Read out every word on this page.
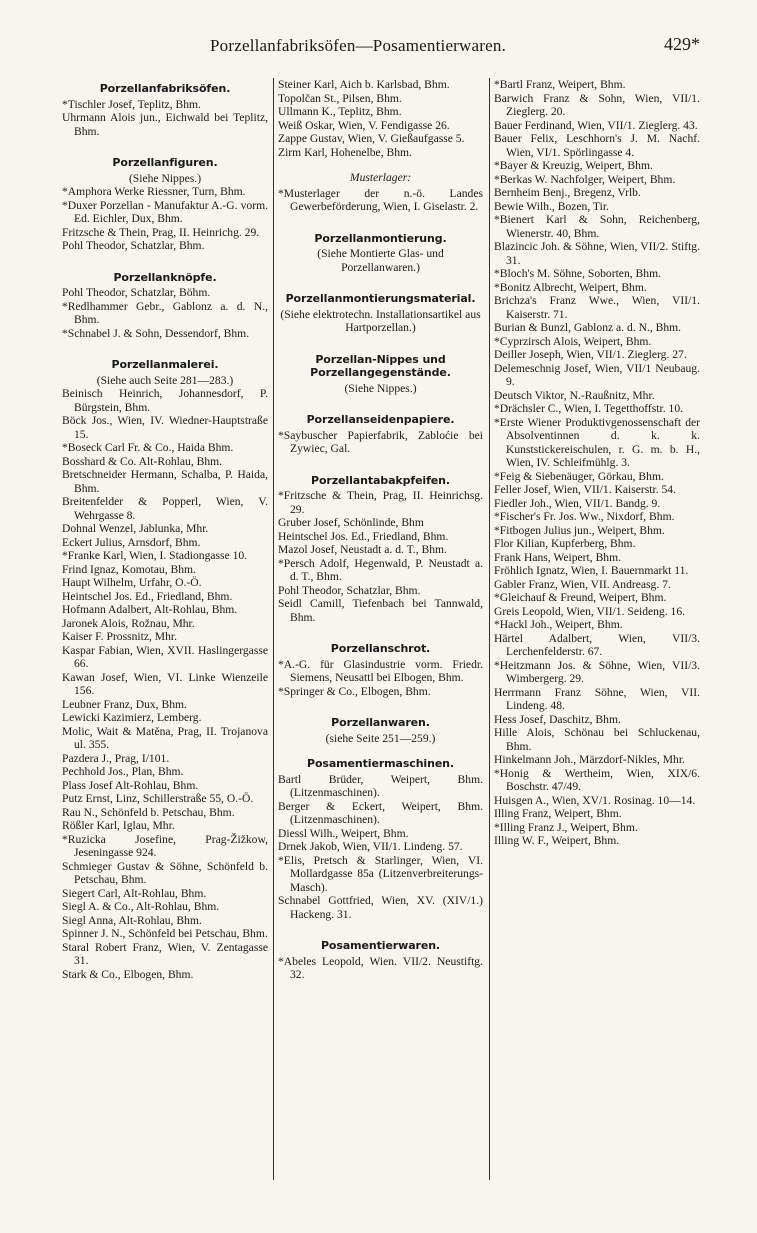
Porzellanfabriksöfen—Posamentierwaren.	429*
Porzellanfabriksöfen.

*Tischler Josef, Teplitz, Bhm.

Uhrmann Alois jun., Eichwald bei Teplitz, Bhm.

Porzellanfiguren.

(Siehe Nippes.)

*Amphora Werke Riessner, Turn, Bhm.

*Duxer Porzellan - Manufaktur A.-G. vorm. Ed. Eichler, Dux, Bhm.

Fritzsche & Thein, Prag, II. Heinrichg. 29.

Pohl Theodor, Schatzlar, Bhm.

Porzellanknöpfe.

Pohl Theodor, Schatzlar, Böhm.

*Redlhammer Gebr., Gablonz a. d. N., Bhm.

*Schnabel J. & Sohn, Dessendorf, Bhm.

Porzellanmalerei.

(Siehe auch Seite 281—283.)

Beinisch Heinrich, Johannesdorf, P. Bürgstein, Bhm.

Böck Jos., Wien, IV. Wiedner-Hauptstraße 15.

*Boseck Carl Fr. & Co., Haida Bhm.

Bosshard & Co. Alt-Rohlau, Bhm.

Bretschneider Hermann, Schalba, P. Haida, Bhm.

Breitenfelder & Popperl, Wien, V. Wehrgasse 8.

Dohnal Wenzel, Jablunka, Mhr.

Eckert Julius, Arnsdorf, Bhm.

*Franke Karl, Wien, I. Stadiongasse 10.

Frind Ignaz, Komotau, Bhm.

Haupt Wilhelm, Urfahr, O.-Ö.

Heintschel Jos. Ed., Friedland, Bhm.

Hofmann Adalbert, Alt-Rohlau, Bhm.

Jaronek Alois, Rožnau, Mhr.

Kaiser F. Prossnitz, Mhr.

Kaspar Fabian, Wien, XVII. Haslingergasse 66.

Kawan Josef, Wien, VI. Linke Wienzeile 156.

Leubner Franz, Dux, Bhm.

Lewicki Kazimierz, Lemberg.

Molic, Wait & Matěna, Prag, II. Trojanova ul. 355.

Pazdera J., Prag, I/101.

Pechhold Jos., Plan, Bhm.

Plass Josef Alt-Rohlau, Bhm.

Putz Ernst, Linz, Schillerstraße 55, O.-Ö.

Rau N., Schönfeld b. Petschau, Bhm.

Rößler Karl, Iglau, Mhr.

*Ruzicka Josefine, Prag-Žižkow, Jeseningasse 924.

Schmieger Gustav & Söhne, Schönfeld b. Petschau, Bhm.

Siegert Carl, Alt-Rohlau, Bhm.

Siegl A. & Co., Alt-Rohlau, Bhm.

Siegl Anna, Alt-Rohlau, Bhm.

Spinner J. N., Schönfeld bei Petschau, Bhm.

Staral Robert Franz, Wien, V. Zentagasse 31.

Stark & Co., Elbogen, Bhm.

Steiner Karl, Aich b. Karlsbad, Bhm.

Topolčan St., Pilsen, Bhm.

Ullmann K., Teplitz, Bhm.

Weiß Oskar, Wien, V. Fendigasse 26.

Zappe Gustav, Wien, V. Gießaufgasse 5.

Zirm Karl, Hohenelbe, Bhm.

Musterlager:

*Musterlager der n.-ö. Landes Gewerbeförderung, Wien, I. Giselastr. 2.

Porzellanmontierung.

(Siehe Montierte Glas- und Porzellanwaren.)

Porzellanmontierungsmaterial.

(Siehe elektrotechn. Installationsartikel aus Hartporzellan.)

Porzellan-Nippes und Porzellangegenstände.

(Siehe Nippes.)

Porzellanseidenpapiere.

*Saybuscher Papierfabrik, Zabloćie bei Zywiec, Gal.

Porzellantabakpfeifen.

*Fritzsche & Thein, Prag, II. Heinrichsg. 29.

Gruber Josef, Schönlinde, Bhm

Heintschel Jos. Ed., Friedland, Bhm.

Mazol Josef, Neustadt a. d. T., Bhm.

*Persch Adolf, Hegenwald, P. Neustadt a. d. T., Bhm.

Pohl Theodor, Schatzlar, Bhm.

Seidl Camill, Tiefenbach bei Tannwald, Bhm.

Porzellanschrot.

*A.-G. für Glasindustrie vorm. Friedr. Siemens, Neusattl bei Elbogen, Bhm.

*Springer & Co., Elbogen, Bhm.

Porzellanwaren.

(siehe Seite 251—259.)

Posamentiermaschinen.

Bartl Brüder, Weipert, Bhm. (Litzenmaschinen).

Berger & Eckert, Weipert, Bhm. (Litzenmaschinen).

Diessl Wilh., Weipert, Bhm.

Drnek Jakob, Wien, VII/1. Lindeng. 57.

*Elis, Pretsch & Starlinger, Wien, VI. Mollardgasse 85a (Litzenverbreiterungs-Masch).

Schnabel Gottfried, Wien, XV. (XIV/1.) Hackeng. 31.

Posamentierwaren.

*Abeles Leopold, Wien. VII/2. Neustiftg. 32.

*Bartl Franz, Weipert, Bhm.

Barwich Franz & Sohn, Wien, VII/1. Zieglerg. 20.

Bauer Ferdinand, Wien, VII/1. Zieglerg. 43.

Bauer Felix, Leschhorn's J. M. Nachf. Wien, VI/1. Spörlingasse 4.

*Bayer & Kreuzig, Weipert, Bhm.

*Berkas W. Nachfolger, Weipert, Bhm.

Bernheim Benj., Bregenz, Vrlb.

Bewie Wilh., Bozen, Tir.

*Bienert Karl & Sohn, Reichenberg, Wienerstr. 40, Bhm.

Blazincic Joh. & Söhne, Wien, VII/2. Stiftg. 31.

*Bloch's M. Söhne, Soborten, Bhm.

*Bonitz Albrecht, Weipert, Bhm.

Brichza's Franz Wwe., Wien, VII/1. Kaiserstr. 71.

Burian & Bunzl, Gablonz a. d. N., Bhm.

*Cyprzirsch Alois, Weipert, Bhm.

Deiller Joseph, Wien, VII/1. Zieglerg. 27.

Delemeschnig Josef, Wien, VII/1 Neubaug. 9.

Deutsch Viktor, N.-Raußnitz, Mhr.

*Drächsler C., Wien, I. Tegetthoffstr. 10.

*Erste Wiener Produktivgenossenschaft der Absolventinnen d. k. k. Kunststickereischulen, r. G. m. b. H., Wien, IV. Schleifmühlg. 3.

*Feig & Siebenäuger, Görkau, Bhm.

Feller Josef, Wien, VII/1. Kaiserstr. 54.

Fiedler Joh., Wien, VII/1. Bandg. 9.

*Fischer's Fr. Jos. Ww., Nixdorf, Bhm.

*Fitbogen Julius jun., Weipert, Bhm.

Flor Kilian, Kupferberg, Bhm.

Frank Hans, Weipert, Bhm.

Fröhlich Ignatz, Wien, I. Bauernmarkt 11.

Gabler Franz, Wien, VII. Andreasg. 7.

*Gleichauf & Freund, Weipert, Bhm.

Greis Leopold, Wien, VII/1. Seideng. 16.

*Hackl Joh., Weipert, Bhm.

Härtel Adalbert, Wien, VII/3. Lerchenfelderstr. 67.

*Heitzmann Jos. & Söhne, Wien, VII/3. Wimbergerg. 29.

Herrmann Franz Söhne, Wien, VII. Lindeng. 48.

Hess Josef, Daschitz, Bhm.

Hille Alois, Schönau bei Schluckenau, Bhm.

Hinkelmann Joh., Märzdorf-Nikles, Mhr.

*Honig & Wertheim, Wien, XIX/6. Boschstr. 47/49.

Huisgen A., Wien, XV/1. Rosinag. 10—14.

Illing Franz, Weipert, Bhm.

*Illing Franz J., Weipert, Bhm.

Illing W. F., Weipert, Bhm.
